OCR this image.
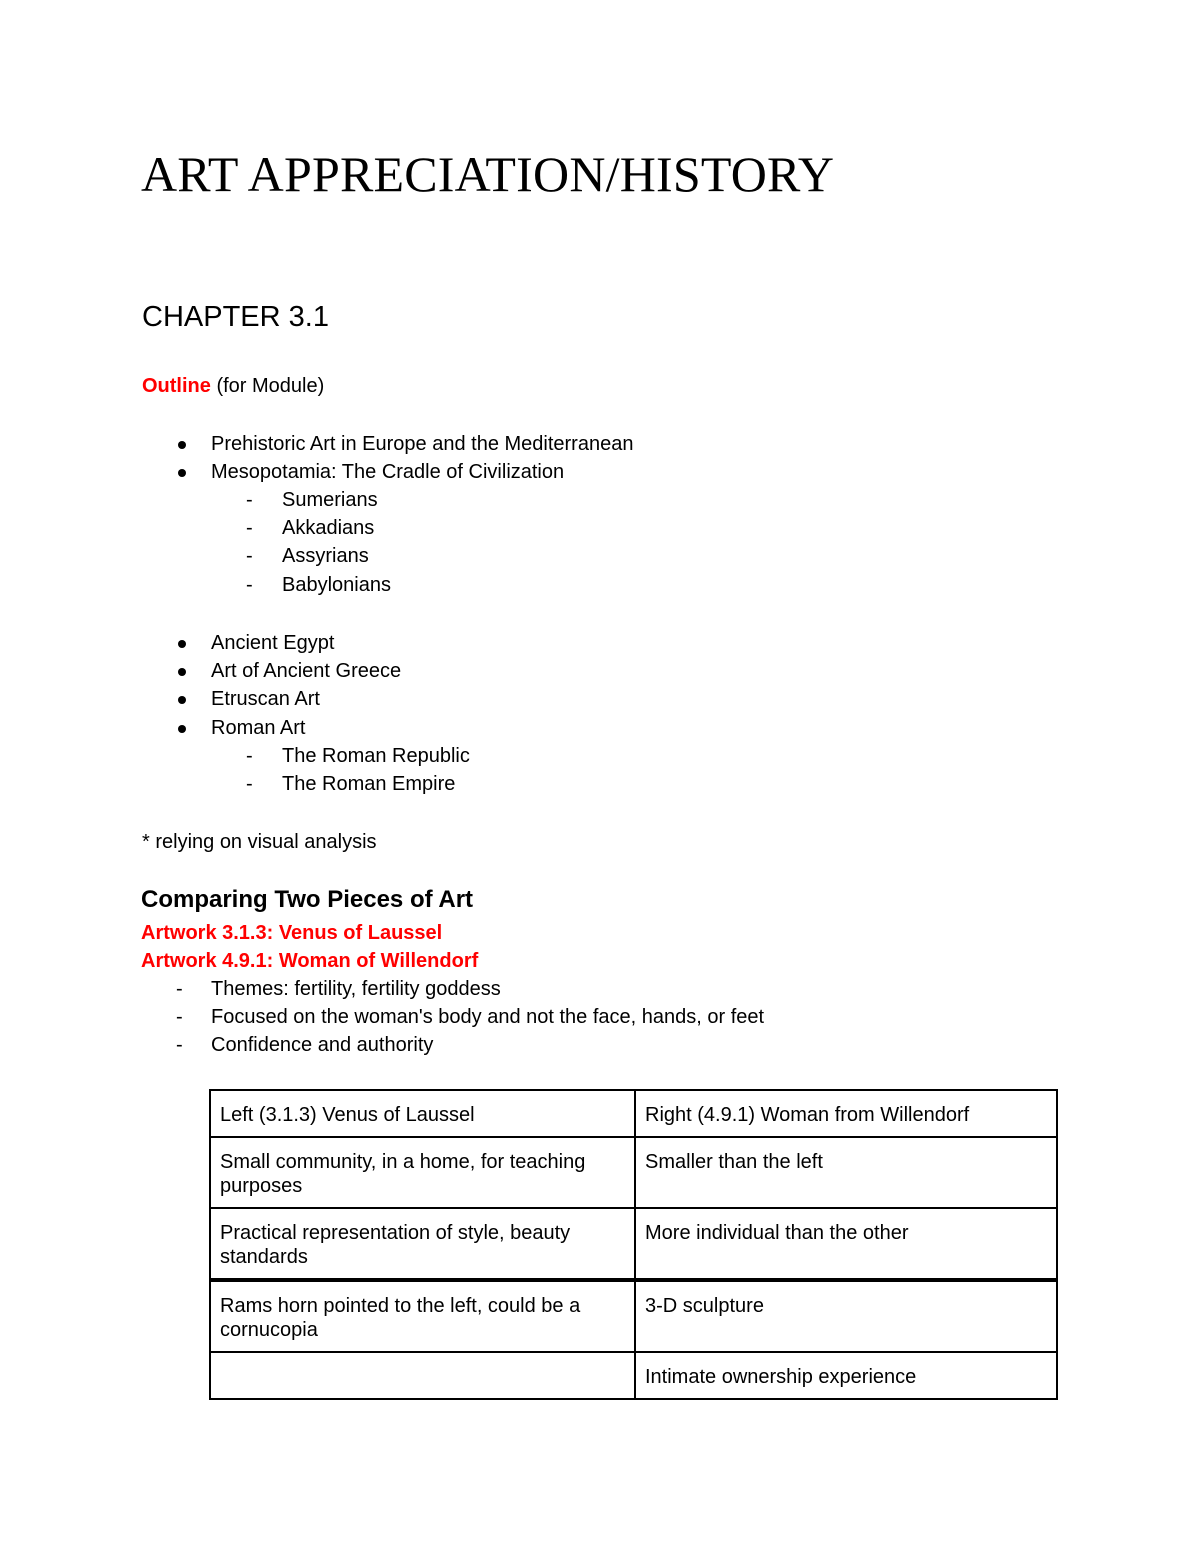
ART APPRECIATION/HISTORY
CHAPTER 3.1
Outline (for Module)
Prehistoric Art in Europe and the Mediterranean
Mesopotamia: The Cradle of Civilization
- Sumerians
- Akkadians
- Assyrians
- Babylonians
Ancient Egypt
Art of Ancient Greece
Etruscan Art
Roman Art
- The Roman Republic
- The Roman Empire
* relying on visual analysis
Comparing Two Pieces of Art
Artwork 3.1.3: Venus of Laussel
Artwork 4.9.1: Woman of Willendorf
- Themes: fertility, fertility goddess
- Focused on the woman's body and not the face, hands, or feet
- Confidence and authority
Left (3.1.3) Venus of Laussel	Right (4.9.1) Woman from Willendorf
Small community, in a home, for teaching purposes	Smaller than the left
Practical representation of style, beauty standards	More individual than the other
Rams horn pointed to the left, could be a cornucopia	3-D sculpture
	Intimate ownership experience
